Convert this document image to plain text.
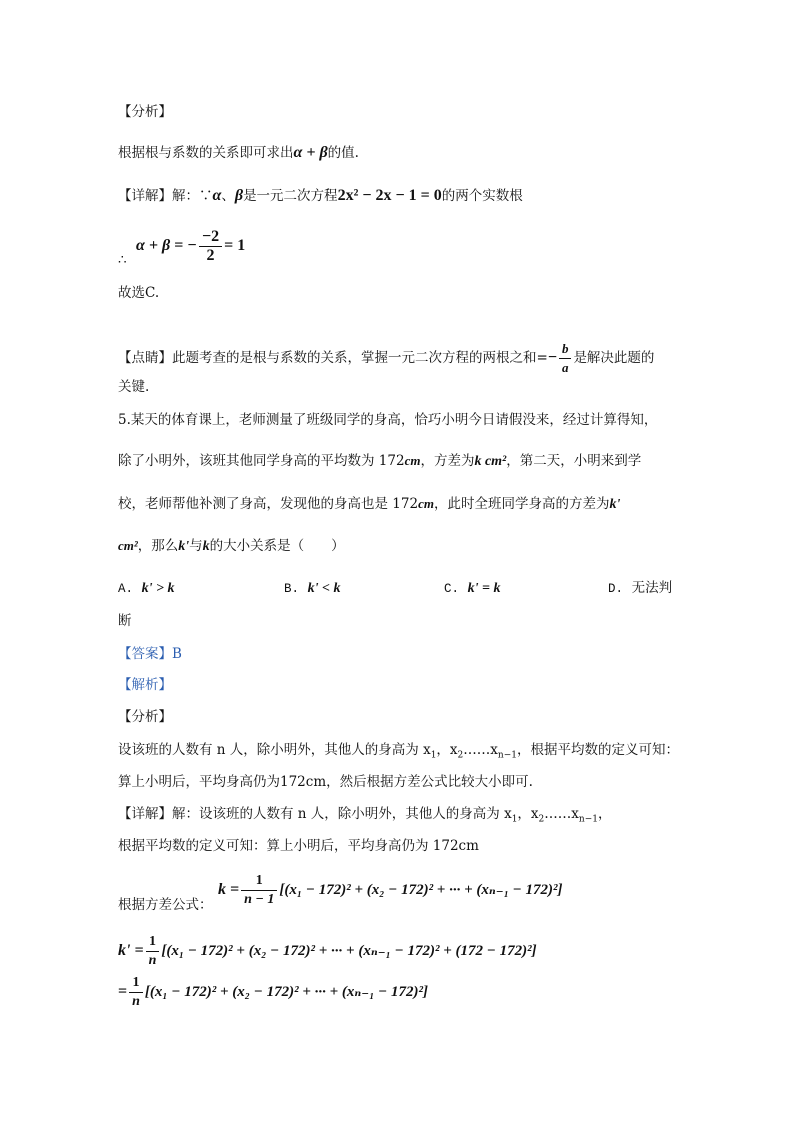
【分析】
根据根与系数的关系即可求出α + β的值.
【详解】解：∵α、β是一元二次方程2x² − 2x − 1 = 0的两个实数根
α + β = − $\frac{-2}{2} = 1$
∴
故选C.
【点睛】此题考查的是根与系数的关系，掌握一元二次方程的两根之和=− $\frac{b}{a}$ 是解决此题的
关键.
5.某天的体育课上，老师测量了班级同学的身高，恰巧小明今日请假没来，经过计算得知，
除了小明外，该班其他同学身高的平均数为 172cm，方差为k cm²，第二天，小明来到学
校，老师帮他补测了身高，发现他的身高也是 172cm，此时全班同学身高的方差为k'
cm²，那么k'与k的大小关系是（　　）
A. k' > k	B. k' < k	C. k' = k	D. 无法判
断
【答案】B
【解析】
【分析】
设该班的人数有 n 人，除小明外，其他人的身高为 $x_1$，$x_2\dots\dots x_{n-1}$，根据平均数的定义可知：
算上小明后，平均身高仍为172cm，然后根据方差公式比较大小即可.
【详解】解：设该班的人数有 n 人，除小明外，其他人的身高为 $x_1$，$x_2\dots\dots x_{n-1}$，
根据平均数的定义可知：算上小明后，平均身高仍为 172cm
根据方差公式：
$k = \frac{1}{n - 1} [(x_1 - 172)^2 + (x_2 - 172)^2$ + ··· + (xₙ₋₁ − 172)²]
$k' = \frac{1}{n} [(x_1 - 172)^2 + (x_2 - 172)^2$ + ··· + (xₙ₋₁ − 172)² + (172 − 172)²]
= $\frac{1}{n} [(x_1 - 172)^2 + (x_2 - 172)^2$ + ··· + (xₙ₋₁ − 172)²]
